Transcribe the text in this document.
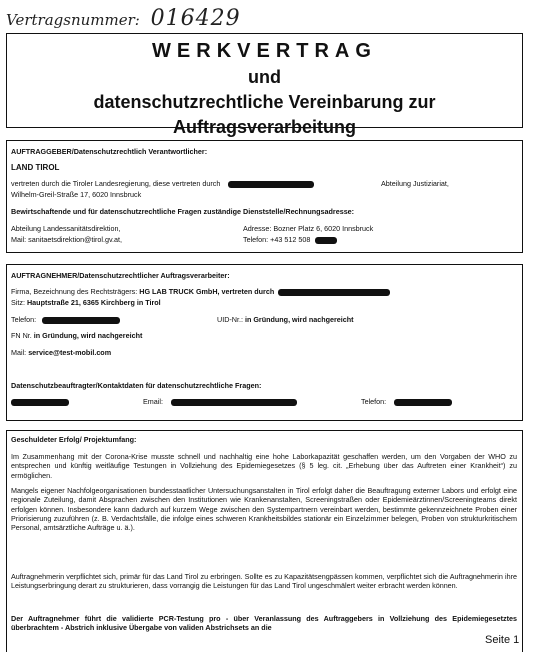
Vertragsnummer: 016429
WERKVERTRAG
und
datenschutzrechtliche Vereinbarung zur
Auftragsverarbeitung
AUFTRAGGEBER/Datenschutzrechtlich Verantwortlicher:
LAND TIROL
vertreten durch die Tiroler Landesregierung, diese vertreten durch	Abteilung Justiziariat,
Wilhelm-Greil-Straße 17, 6020 Innsbruck
Bewirtschaftende und für datenschutzrechtliche Fragen zuständige Dienststelle/Rechnungsadresse:
Abteilung Landessanitätsdirektion,	Adresse: Bozner Platz 6, 6020 Innsbruck
Mail: sanitaetsdirektion@tirol.gv.at,	Telefon: +43 512 508
AUFTRAGNEHMER/Datenschutzrechtlicher Auftragsverarbeiter:
Firma, Bezeichnung des Rechtsträgers: HG LAB TRUCK GmbH, vertreten durch
Sitz: Hauptstraße 21, 6365 Kirchberg in Tirol
Telefon:	UID-Nr.: in Gründung, wird nachgereicht
FN Nr. in Gründung, wird nachgereicht
Mail: service@test-mobil.com
Datenschutzbeauftragter/Kontaktdaten für datenschutzrechtliche Fragen:
Email:	Telefon:
Geschuldeter Erfolg/ Projektumfang:
Im Zusammenhang mit der Corona-Krise musste schnell und nachhaltig eine hohe Laborkapazität geschaffen werden, um den Vorgaben der WHO zu entsprechen und künftig weitläufige Testungen in Vollziehung des Epidemiegesetzes (§ 5 leg. cit. „Erhebung über das Auftreten einer Krankheit“) zu ermöglichen.
Mangels eigener Nachfolgeorganisationen bundesstaatlicher Untersuchungsanstalten in Tirol erfolgt daher die Beauftragung externer Labors und erfolgt eine regionale Zuteilung, damit Absprachen zwischen den Institutionen wie Krankenanstalten, Screeningstraßen oder Epidemieärztinnen/Screeningteams direkt erfolgen können. Insbesondere kann dadurch auf kurzem Wege zwischen den Systempartnern vereinbart werden, bestimmte gekennzeichnete Proben einer Priorisierung zuzuführen (z. B. Verdachtsfälle, die infolge eines schweren Krankheitsbildes stationär ein Einzelzimmer belegen, Proben von strukturkritischem Personal, amtsärztliche Aufträge u. ä.).
Auftragnehmerin verpflichtet sich, primär für das Land Tirol zu erbringen. Sollte es zu Kapazitätsengpässen kommen, verpflichtet sich die Auftragnehmerin ihre Leistungserbringung derart zu strukturieren, dass vorrangig die Leistungen für das Land Tirol ungeschmälert weiter erbracht werden können.
Der Auftragnehmer führt die validierte PCR-Testung pro - über Veranlassung des Auftraggebers in Vollziehung des Epidemiegesetztes überbrachtem - Abstrich inklusive Übergabe von validen Abstrichsets an die
Seite 1
